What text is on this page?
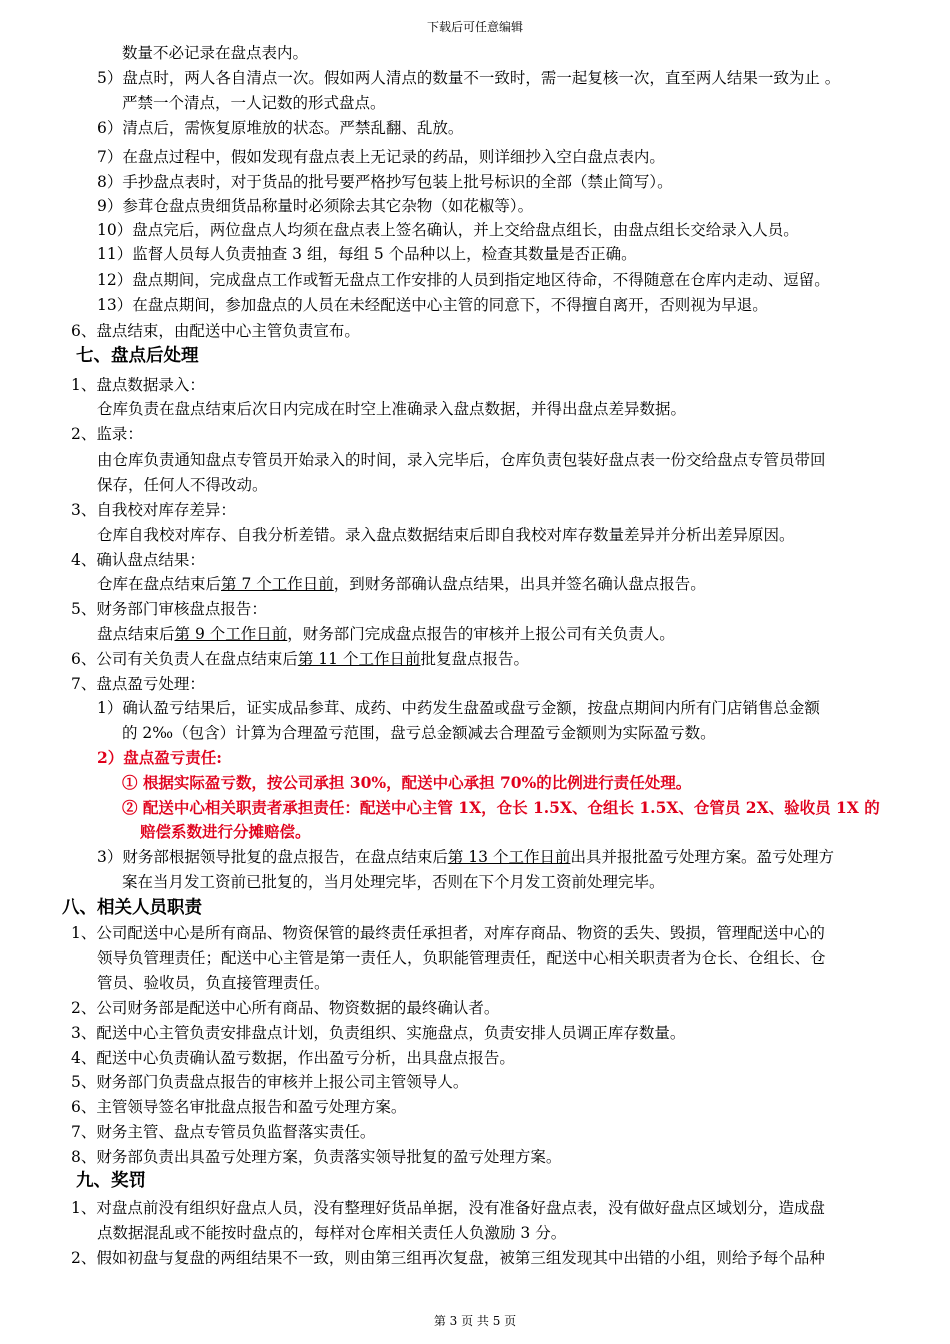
下载后可任意编辑
数量不必记录在盘点表内。
5）盘点时，两人各自清点一次。假如两人清点的数量不一致时，需一起复核一次，直至两人结果一致为止 。
严禁一个清点，一人记数的形式盘点。
6）清点后，需恢复原堆放的状态。严禁乱翻、乱放。
7）在盘点过程中，假如发现有盘点表上无记录的药品，则详细抄入空白盘点表内。
8）手抄盘点表时，对于货品的批号要严格抄写包装上批号标识的全部（禁止简写）。
9）参茸仓盘点贵细货品称量时必须除去其它杂物（如花椒等）。
10）盘点完后，两位盘点人均须在盘点表上签名确认，并上交给盘点组长，由盘点组长交给录入人员。
11）监督人员每人负责抽查 3 组，每组 5 个品种以上，检查其数量是否正确。
12）盘点期间，完成盘点工作或暂无盘点工作安排的人员到指定地区待命，不得随意在仓库内走动、逗留。
13）在盘点期间，参加盘点的人员在未经配送中心主管的同意下，不得擅自离开，否则视为早退。
6、盘点结束，由配送中心主管负责宣布。
七、盘点后处理
1、盘点数据录入：
仓库负责在盘点结束后次日内完成在时空上准确录入盘点数据，并得出盘点差异数据。
2、监录：
由仓库负责通知盘点专管员开始录入的时间，录入完毕后，仓库负责包装好盘点表一份交给盘点专管员带回
保存，任何人不得改动。
3、自我校对库存差异：
仓库自我校对库存、自我分析差错。录入盘点数据结束后即自我校对库存数量差异并分析出差异原因。
4、确认盘点结果：
仓库在盘点结束后第 7 个工作日前，到财务部确认盘点结果，出具并签名确认盘点报告。
5、财务部门审核盘点报告：
盘点结束后第 9 个工作日前，财务部门完成盘点报告的审核并上报公司有关负责人。
6、公司有关负责人在盘点结束后第 11 个工作日前批复盘点报告。
7、盘点盈亏处理：
1）确认盈亏结果后，证实成品参茸、成药、中药发生盘盈或盘亏金额，按盘点期间内所有门店销售总金额
的 2‰（包含）计算为合理盈亏范围，盘亏总金额减去合理盈亏金额则为实际盈亏数。
2）盘点盈亏责任:
① 根据实际盈亏数，按公司承担 30%，配送中心承担 70%的比例进行责任处理。
② 配送中心相关职责者承担责任：配送中心主管 1X，仓长 1.5X、仓组长 1.5X、仓管员 2X、验收员 1X 的
赔偿系数进行分摊赔偿。
3）财务部根据领导批复的盘点报告，在盘点结束后第 13 个工作日前出具并报批盈亏处理方案。盈亏处理方
案在当月发工资前已批复的，当月处理完毕，否则在下个月发工资前处理完毕。
八、相关人员职责
1、公司配送中心是所有商品、物资保管的最终责任承担者，对库存商品、物资的丢失、毁损，管理配送中心的
领导负管理责任；配送中心主管是第一责任人，负职能管理责任，配送中心相关职责者为仓长、仓组长、仓
管员、验收员，负直接管理责任。
2、公司财务部是配送中心所有商品、物资数据的最终确认者。
3、配送中心主管负责安排盘点计划，负责组织、实施盘点，负责安排人员调正库存数量。
4、配送中心负责确认盈亏数据，作出盈亏分析，出具盘点报告。
5、财务部门负责盘点报告的审核并上报公司主管领导人。
6、主管领导签名审批盘点报告和盈亏处理方案。
7、财务主管、盘点专管员负监督落实责任。
8、财务部负责出具盈亏处理方案，负责落实领导批复的盈亏处理方案。
九、奖罚
1、对盘点前没有组织好盘点人员，没有整理好货品单据，没有准备好盘点表，没有做好盘点区域划分，造成盘
点数据混乱或不能按时盘点的，每样对仓库相关责任人负激励 3 分。
2、假如初盘与复盘的两组结果不一致，则由第三组再次复盘，被第三组发现其中出错的小组，则给予每个品种
第 3 页 共 5 页
